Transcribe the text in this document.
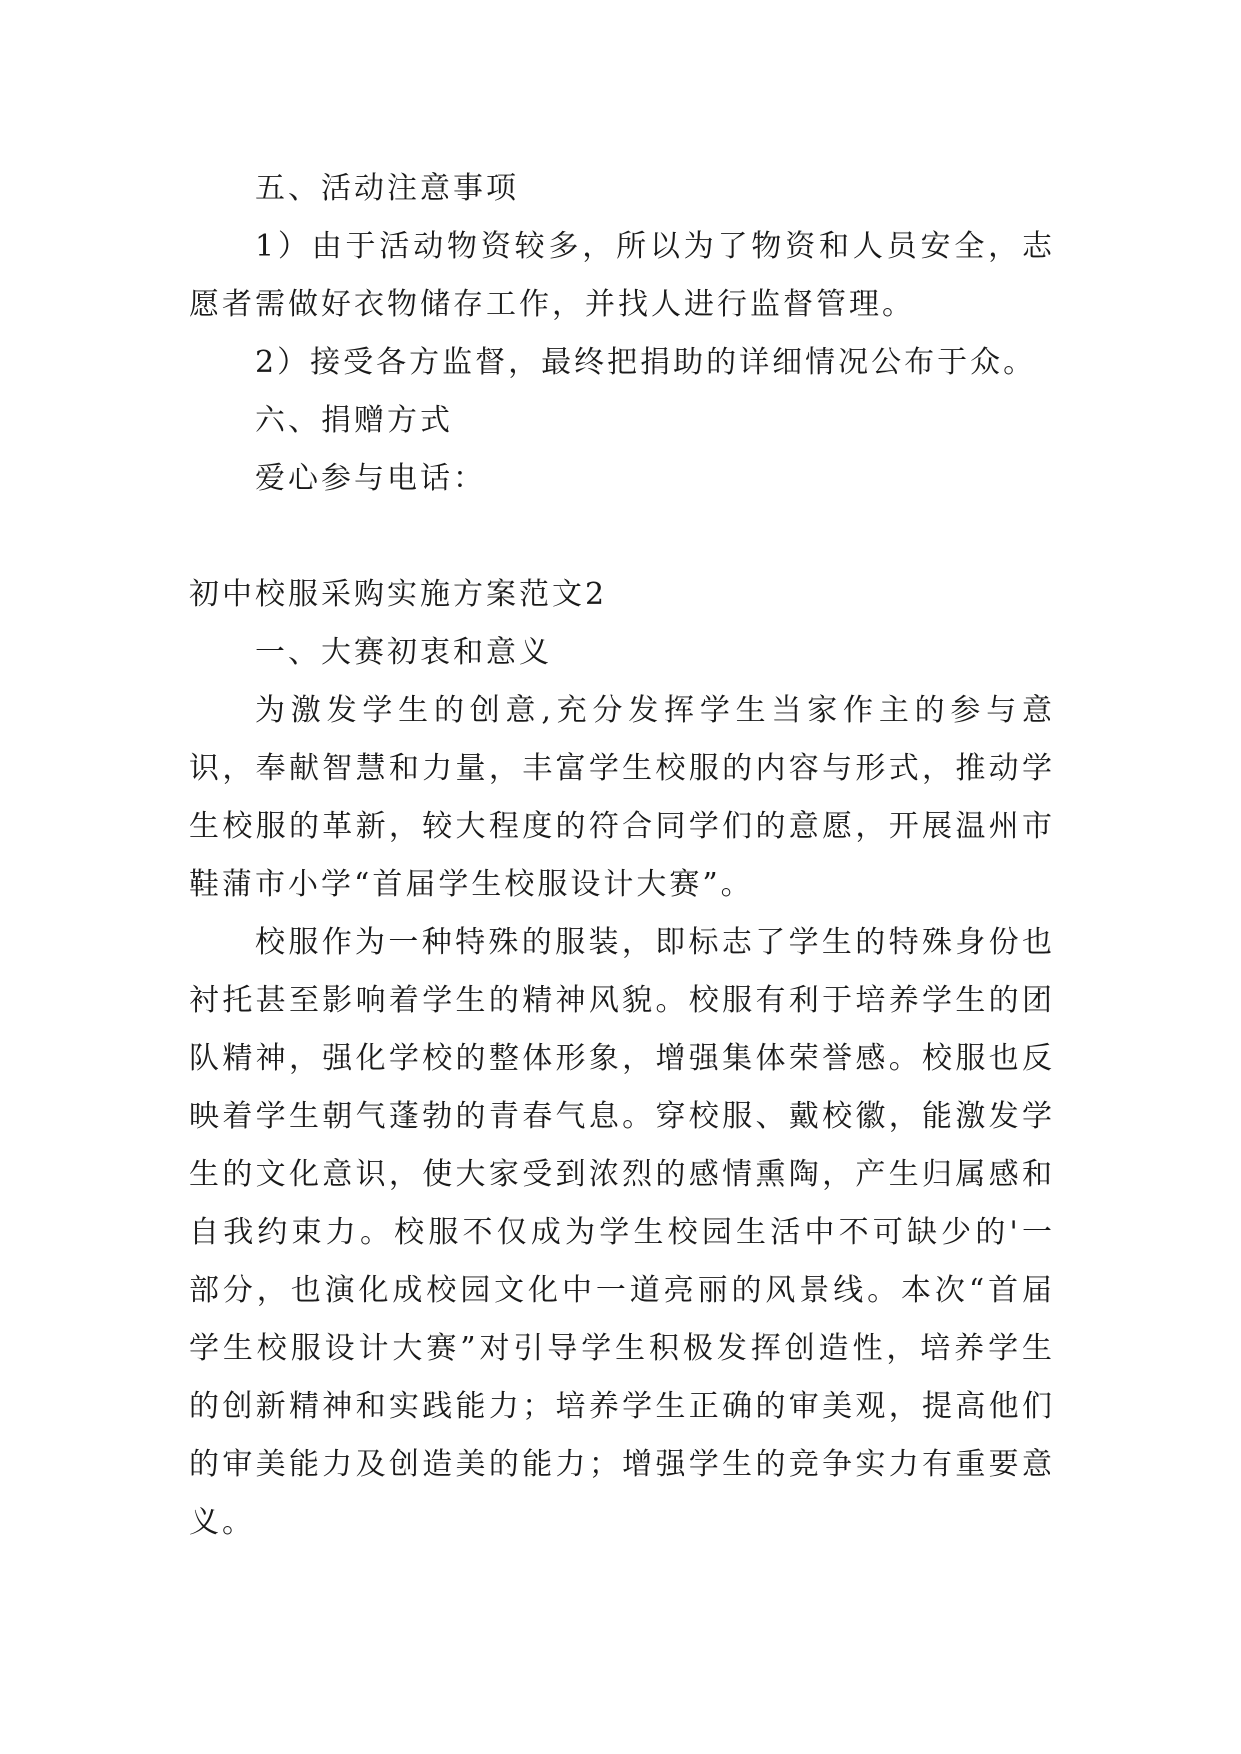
五、活动注意事项

1）由于活动物资较多，所以为了物资和人员安全，志愿者需做好衣物储存工作，并找人进行监督管理。

2）接受各方监督，最终把捐助的详细情况公布于众。

六、捐赠方式

爱心参与电话：

初中校服采购实施方案范文2

一、大赛初衷和意义

为激发学生的创意,充分发挥学生当家作主的参与意识，奉献智慧和力量，丰富学生校服的内容与形式，推动学生校服的革新，较大程度的符合同学们的意愿，开展温州市鞋蒲市小学“首届学生校服设计大赛”。

校服作为一种特殊的服装，即标志了学生的特殊身份也衬托甚至影响着学生的精神风貌。校服有利于培养学生的团队精神，强化学校的整体形象，增强集体荣誉感。校服也反映着学生朝气蓬勃的青春气息。穿校服、戴校徽，能激发学生的文化意识，使大家受到浓烈的感情熏陶，产生归属感和自我约束力。校服不仅成为学生校园生活中不可缺少的'一部分，也演化成校园文化中一道亮丽的风景线。本次“首届学生校服设计大赛”对引导学生积极发挥创造性，培养学生的创新精神和实践能力；培养学生正确的审美观，提高他们的审美能力及创造美的能力；增强学生的竞争实力有重要意义。
